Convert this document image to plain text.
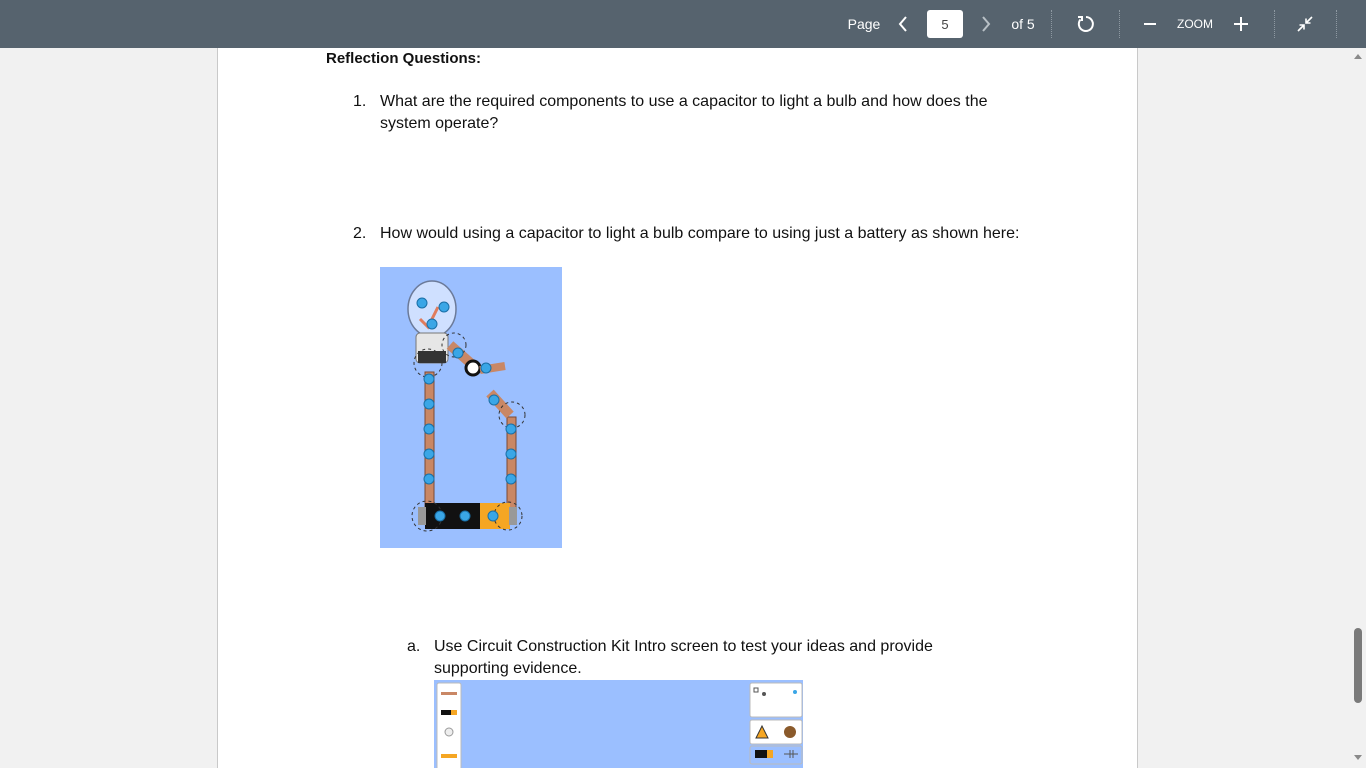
Page
5	of 5	ZOOM
Reflection Questions:
1. What are the required components to use a capacitor to light a bulb and how does the system operate?
2. How would using a capacitor to light a bulb compare to using just a battery as shown here:
a. Use Circuit Construction Kit Intro screen to test your ideas and provide supporting evidence.
